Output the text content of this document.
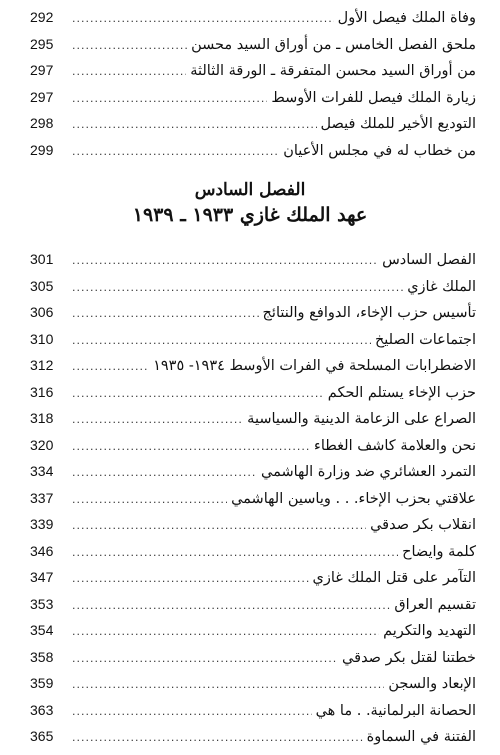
وفاة الملك فيصل الأول
.....
292
ملحق الفصل الخامس ـ من أوراق السيد محسن
.....
295
من أوراق السيد محسن المتفرقة ـ الورقة الثالثة
.....
297
زيارة الملك فيصل للفرات الأوسط
.....
297
التوديع الأخير للملك فيصل
.....
298
من خطاب له في مجلس الأعيان
.....
299
الفصل السادس
عهد الملك غازي ١٩٣٣ ـ ١٩٣٩
الفصل السادس
.....
301
الملك غازي
.....
305
تأسيس حزب الإخاء، الدوافع والنتائج
.....
306
اجتماعات الصليخ
.....
310
الاضطرابات المسلحة في الفرات الأوسط ١٩٣٤- ١٩٣٥
.....
312
حزب الإخاء يستلم الحكم
.....
316
الصراع على الزعامة الدينية والسياسية
.....
318
نحن والعلامة كاشف الغطاء
.....
320
التمرد العشائري ضد وزارة الهاشمي
.....
334
علاقتي بحزب الإخاء. . . وياسين الهاشمي
.....
337
انقلاب بكر صدقي
.....
339
كلمة وايضاح
.....
346
التآمر على قتل الملك غازي
.....
347
تقسيم العراق
.....
353
التهديد والتكريم
.....
354
خطتنا لقتل بكر صدقي
.....
358
الإبعاد والسجن
.....
359
الحصانة البرلمانية. . ما هي
.....
363
الفتنة في السماوة
.....
365
